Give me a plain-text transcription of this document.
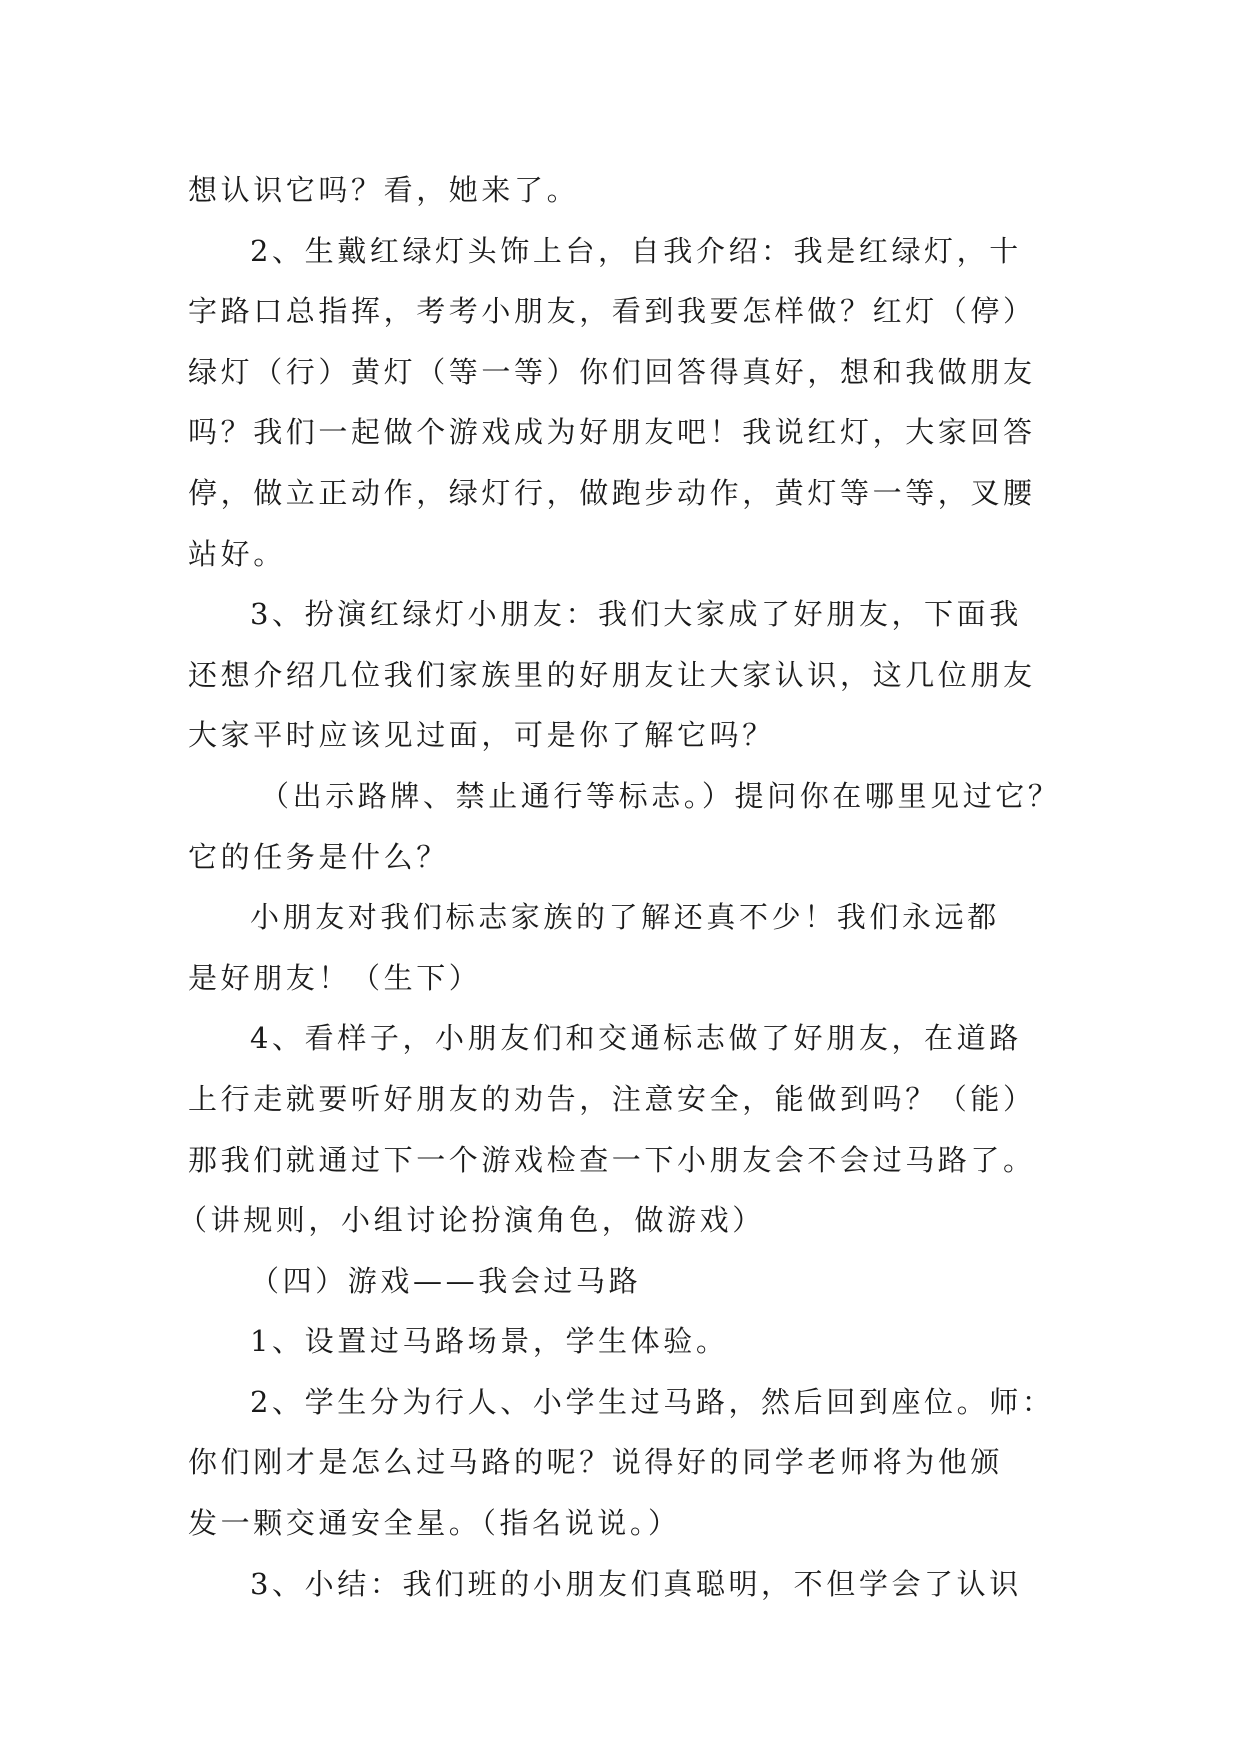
想认识它吗？看，她来了。
2、生戴红绿灯头饰上台，自我介绍：我是红绿灯，十
字路口总指挥，考考小朋友，看到我要怎样做？红灯（停）
绿灯（行）黄灯（等一等）你们回答得真好，想和我做朋友
吗？我们一起做个游戏成为好朋友吧！我说红灯，大家回答
停，做立正动作，绿灯行，做跑步动作，黄灯等一等，叉腰
站好。
3、扮演红绿灯小朋友：我们大家成了好朋友，下面我
还想介绍几位我们家族里的好朋友让大家认识，这几位朋友
大家平时应该见过面，可是你了解它吗？
（出示路牌、禁止通行等标志。）提问你在哪里见过它？
它的任务是什么？
小朋友对我们标志家族的了解还真不少！我们永远都
是好朋友！（生下）
4、看样子，小朋友们和交通标志做了好朋友，在道路
上行走就要听好朋友的劝告，注意安全，能做到吗？（能）
那我们就通过下一个游戏检查一下小朋友会不会过马路了。
（讲规则，小组讨论扮演角色，做游戏）
（四）游戏——我会过马路
1、设置过马路场景，学生体验。
2、学生分为行人、小学生过马路，然后回到座位。师：
你们刚才是怎么过马路的呢？说得好的同学老师将为他颁
发一颗交通安全星。（指名说说。）
3、小结：我们班的小朋友们真聪明，不但学会了认识
